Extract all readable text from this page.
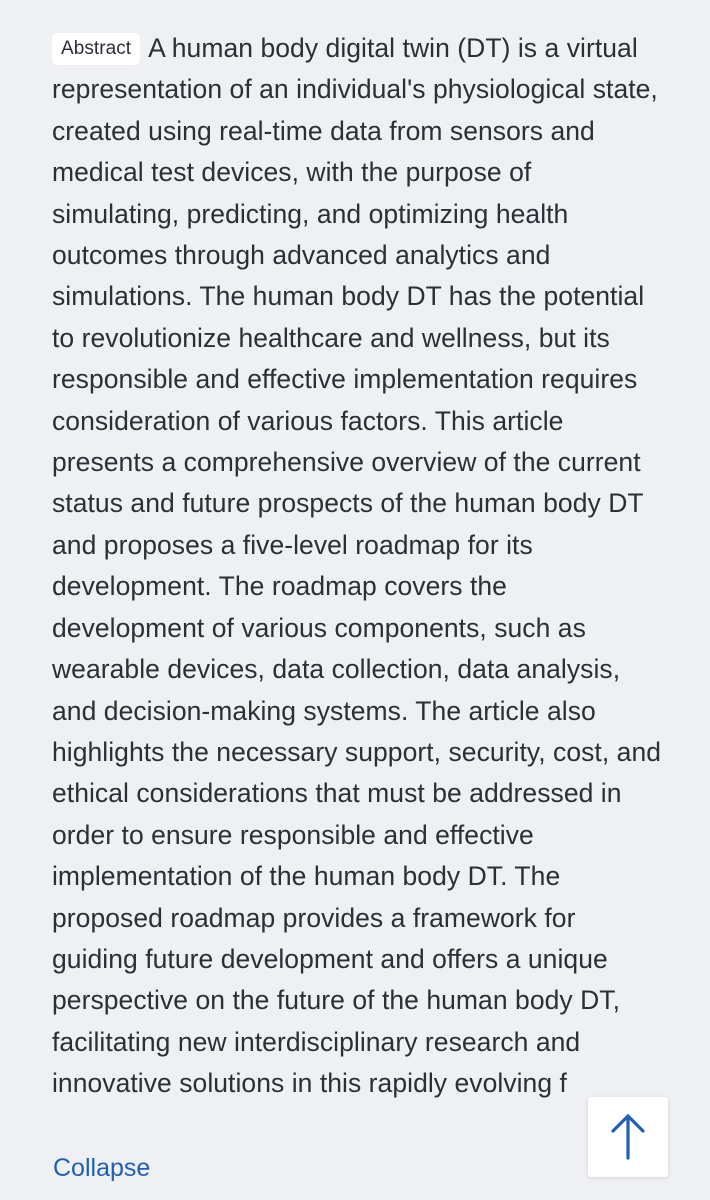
Abstract A human body digital twin (DT) is a virtual representation of an individual's physiological state, created using real-time data from sensors and medical test devices, with the purpose of simulating, predicting, and optimizing health outcomes through advanced analytics and simulations. The human body DT has the potential to revolutionize healthcare and wellness, but its responsible and effective implementation requires consideration of various factors. This article presents a comprehensive overview of the current status and future prospects of the human body DT and proposes a five-level roadmap for its development. The roadmap covers the development of various components, such as wearable devices, data collection, data analysis, and decision-making systems. The article also highlights the necessary support, security, cost, and ethical considerations that must be addressed in order to ensure responsible and effective implementation of the human body DT. The proposed roadmap provides a framework for guiding future development and offers a unique perspective on the future of the human body DT, facilitating new interdisciplinary research and innovative solutions in this rapidly evolving f

Collapse
